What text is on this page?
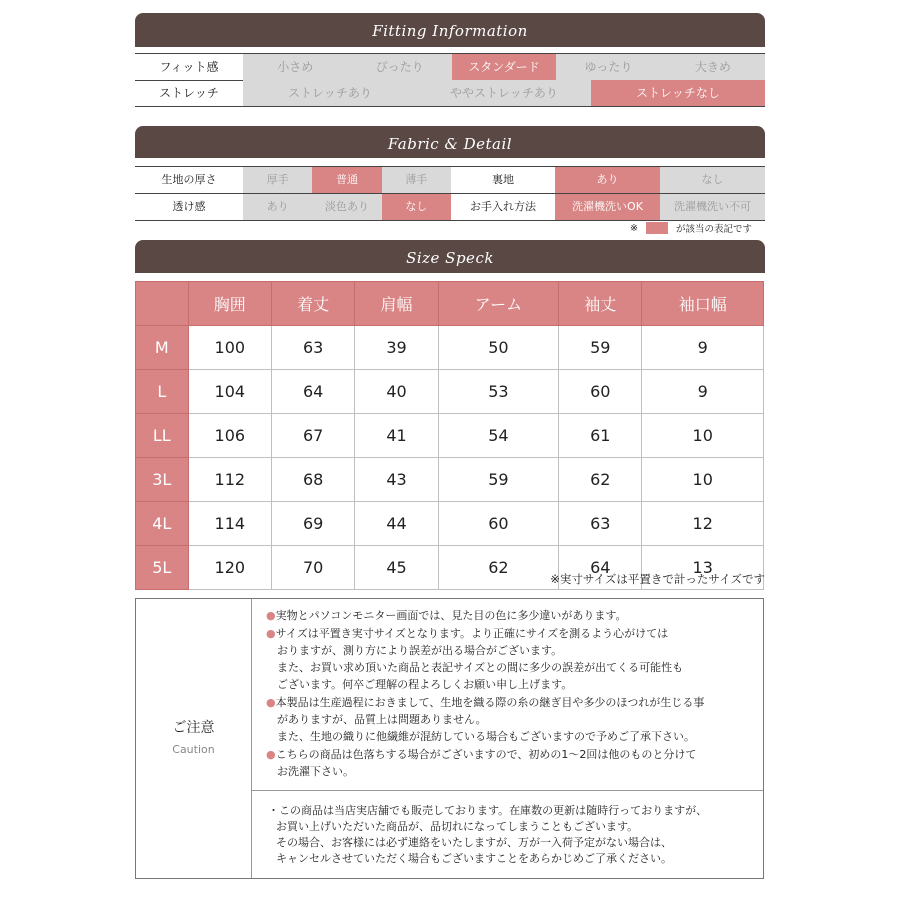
Fitting Information
フィット感	小さめ	ぴったり	スタンダード	ゆったり	大きめ
ストレッチ	ストレッチあり	ややストレッチあり	ストレッチなし
Fabric & Detail
生地の厚さ	厚手	普通	薄手	裏地	あり	なし
透け感	あり	淡色あり	なし	お手入れ方法	洗濯機洗いOK	洗濯機洗い不可
※	が該当の表記です
Size Speck
	胸囲	着丈	肩幅	アーム	袖丈	袖口幅
M	100	63	39	50	59	9
L	104	64	40	53	60	9
LL	106	67	41	54	61	10
3L	112	68	43	59	62	10
4L	114	69	44	60	63	12
5L	120	70	45	62	64	13
※実寸サイズは平置きで計ったサイズです
ご注意
Caution
●実物とパソコンモニター画面では、見た目の色に多少違いがあります。
●サイズは平置き実寸サイズとなります。より正確にサイズを測るよう心がけては
おりますが、測り方により誤差が出る場合がございます。
また、お買い求め頂いた商品と表記サイズとの間に多少の誤差が出てくる可能性も
ございます。何卒ご理解の程よろしくお願い申し上げます。
●本製品は生産過程におきまして、生地を織る際の糸の継ぎ目や多少のほつれが生じる事
がありますが、品質上は問題ありません。
また、生地の織りに他繊維が混紡している場合もございますので予めご了承下さい。
●こちらの商品は色落ちする場合がございますので、初めの1～2回は他のものと分けて
お洗濯下さい。
・この商品は当店実店舗でも販売しております。在庫数の更新は随時行っておりますが、
お買い上げいただいた商品が、品切れになってしまうこともございます。
その場合、お客様には必ず連絡をいたしますが、万が一入荷予定がない場合は、
キャンセルさせていただく場合もございますことをあらかじめご了承ください。
